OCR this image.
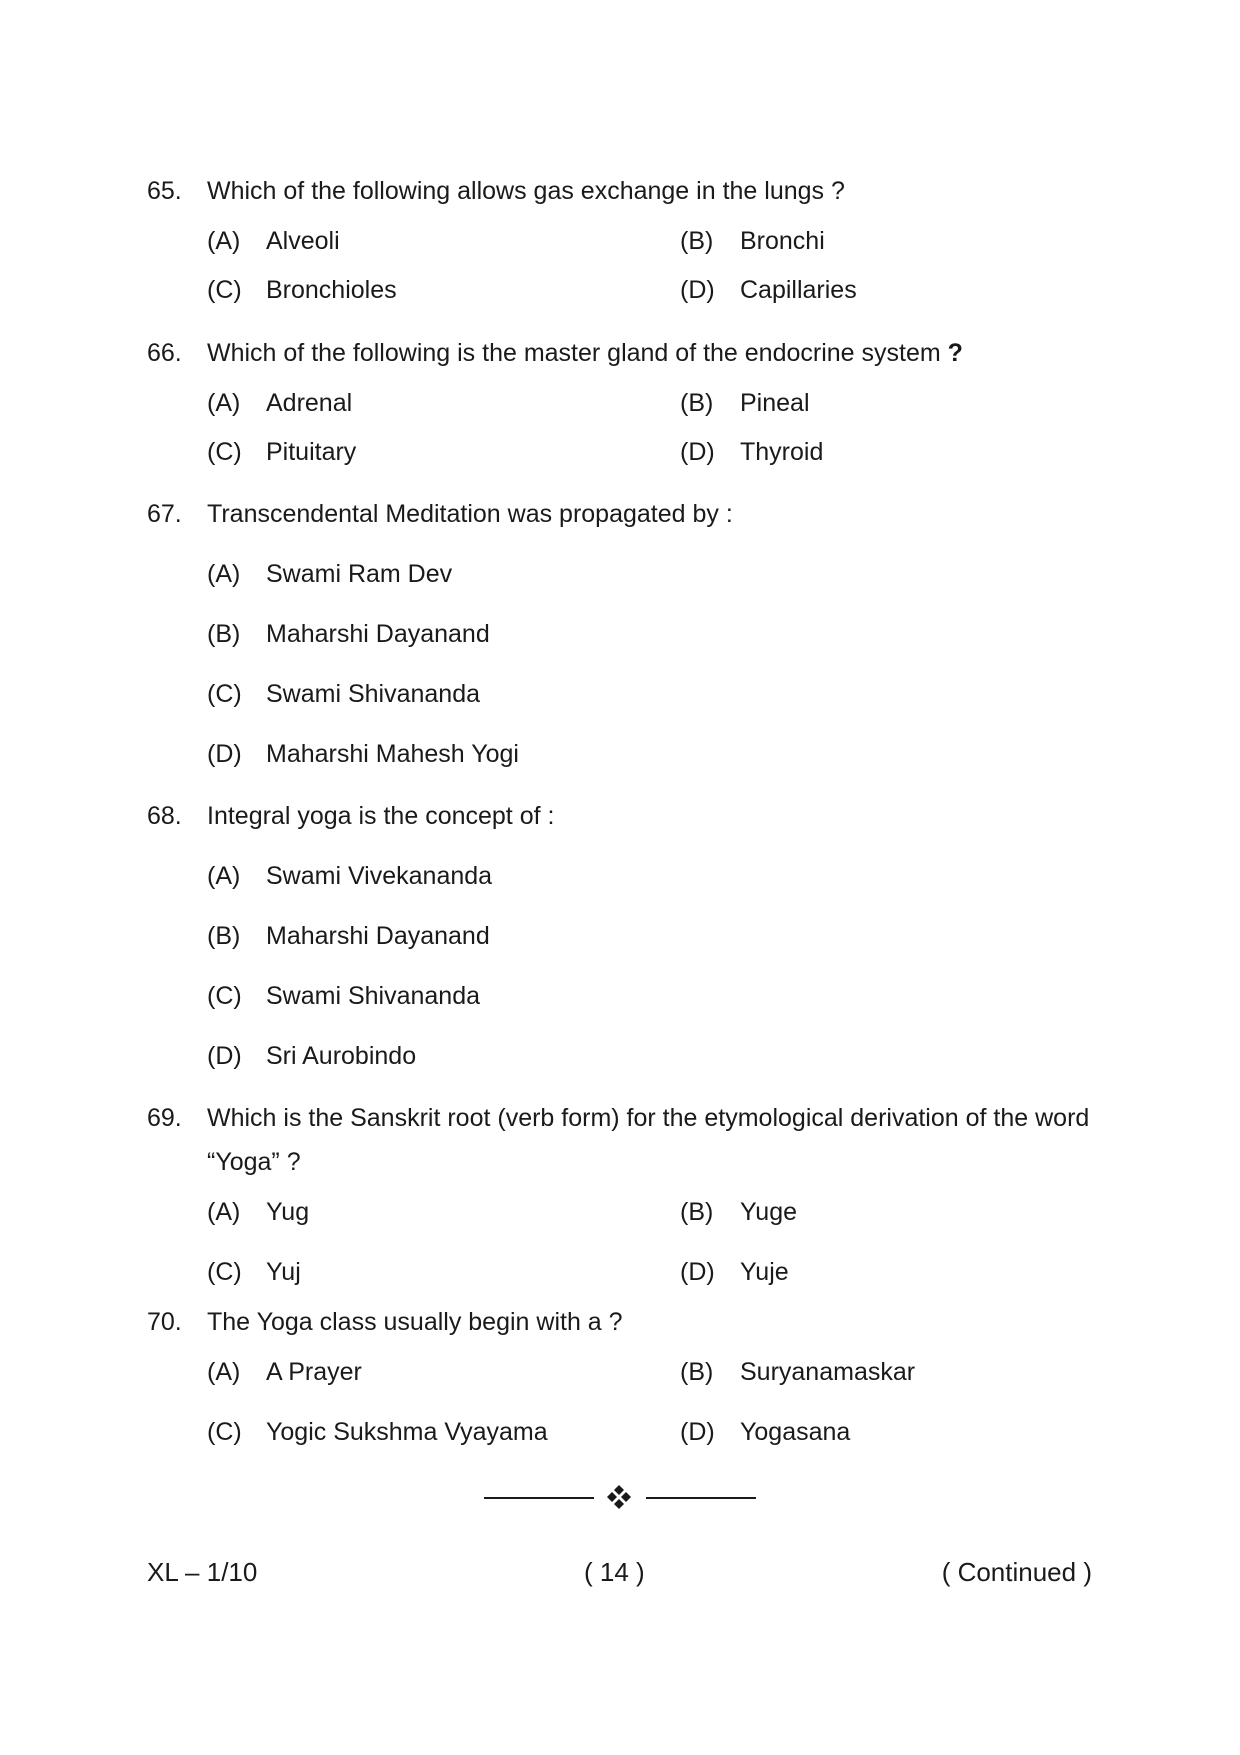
65. Which of the following allows gas exchange in the lungs ?
(A) Alveoli	(B) Bronchi
(C) Bronchioles	(D) Capillaries
66. Which of the following is the master gland of the endocrine system ?
(A) Adrenal	(B) Pineal
(C) Pituitary	(D) Thyroid
67. Transcendental Meditation was propagated by :
(A) Swami Ram Dev
(B) Maharshi Dayanand
(C) Swami Shivananda
(D) Maharshi Mahesh Yogi
68. Integral yoga is the concept of :
(A) Swami Vivekananda
(B) Maharshi Dayanand
(C) Swami Shivananda
(D) Sri Aurobindo
69. Which is the Sanskrit root (verb form) for the etymological derivation of the word
“Yoga” ?
(A) Yug	(B) Yuge
(C) Yuj	(D) Yuje
70. The Yoga class usually begin with a ?
(A) A Prayer	(B) Suryanamaskar
(C) Yogic Sukshma Vyayama	(D) Yogasana
XL – 1/10	( 14 )	( Continued )
